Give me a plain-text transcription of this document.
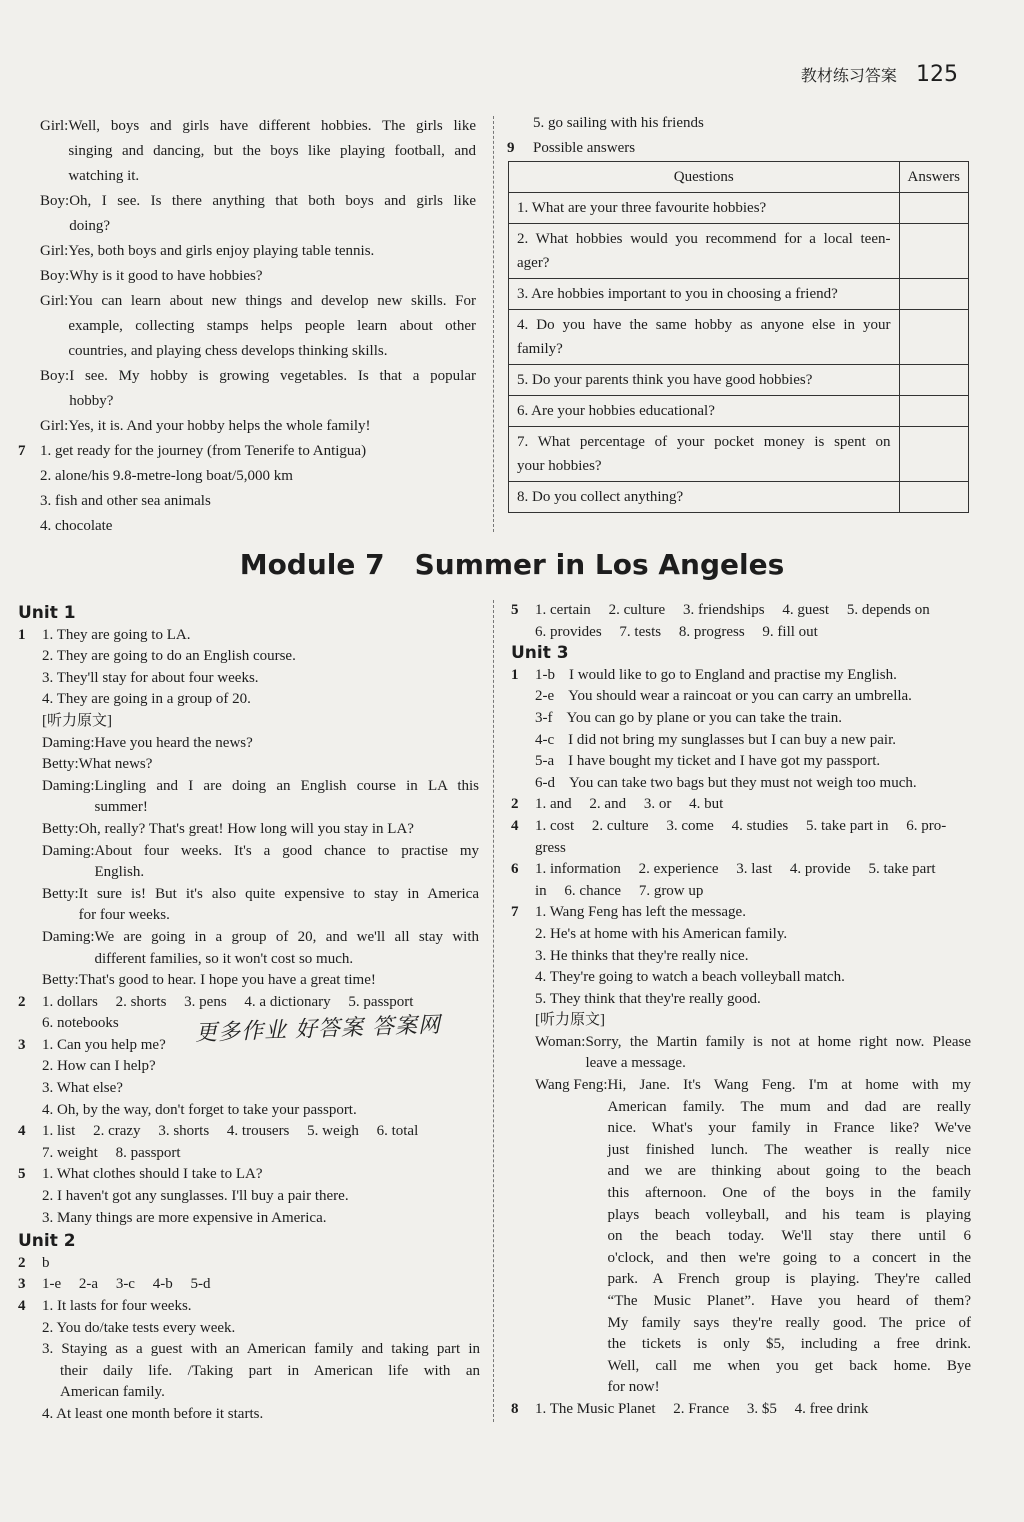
教材练习答案 125
Girl: Well, boys and girls have different hobbies. The girls like
singing and dancing, but the boys like playing football, and
watching it.
Boy: Oh, I see. Is there anything that both boys and girls like
doing?
Girl: Yes, both boys and girls enjoy playing table tennis.
Boy: Why is it good to have hobbies?
Girl: You can learn about new things and develop new skills. For
example, collecting stamps helps people learn about other
countries, and playing chess develops thinking skills.
Boy: I see. My hobby is growing vegetables. Is that a popular
hobby?
Girl: Yes, it is. And your hobby helps the whole family!
7 1. get ready for the journey (from Tenerife to Antigua)
2. alone/his 9.8-metre-long boat/5,000 km
3. fish and other sea animals
4. chocolate
5. go sailing with his friends
9 Possible answers
Questions	Answers
1. What are your three favourite hobbies?	

2. What hobbies would you recommend for a local teen-
ager?	

3. Are hobbies important to you in choosing a friend?	

4. Do you have the same hobby as anyone else in your
family?	

5. Do your parents think you have good hobbies?	
6. Are your hobbies educational?	

7. What percentage of your pocket money is spent on
your hobbies?	

8. Do you collect anything?	
Module 7 Summer in Los Angeles
Unit 1
1 1. They are going to LA.
2. They are going to do an English course.
3. They'll stay for about four weeks.
4. They are going in a group of 20.
[听力原文]
Daming: Have you heard the news?
Betty: What news?
Daming: Lingling and I are doing an English course in LA this
summer!
Betty: Oh, really? That's great! How long will you stay in LA?
Daming: About four weeks. It's a good chance to practise my
English.
Betty: It sure is! But it's also quite expensive to stay in America
for four weeks.
Daming: We are going in a group of 20, and we'll all stay with
different families, so it won't cost so much.
Betty: That's good to hear. I hope you have a great time!
2 1. dollars 2. shorts 3. pens 4. a dictionary 5. passport
6. notebooks
3 1. Can you help me?
2. How can I help?
3. What else?
4. Oh, by the way, don't forget to take your passport.
4 1. list 2. crazy 3. shorts 4. trousers 5. weigh 6. total
7. weight 8. passport
5 1. What clothes should I take to LA?
2. I haven't got any sunglasses. I'll buy a pair there.
3. Many things are more expensive in America.
Unit 2
2 b
3 1-e 2-a 3-c 4-b 5-d
4 1. It lasts for four weeks.
2. You do/take tests every week.
3. Staying as a guest with an American family and taking part in
their daily life. /Taking part in American life with an
American family.
4. At least one month before it starts.
更多作业 好答案 答案网
5 1. certain 2. culture 3. friendships 4. guest 5. depends on
6. provides 7. tests 8. progress 9. fill out
Unit 3
1 1-b I would like to go to England and practise my English.
2-e You should wear a raincoat or you can carry an umbrella.
3-f You can go by plane or you can take the train.
4-c I did not bring my sunglasses but I can buy a new pair.
5-a I have bought my ticket and I have got my passport.
6-d You can take two bags but they must not weigh too much.
2 1. and 2. and 3. or 4. but
4 1. cost 2. culture 3. come 4. studies 5. take part in 6. pro-
gress
6 1. information 2. experience 3. last 4. provide 5. take part
in 6. chance 7. grow up
7 1. Wang Feng has left the message.
2. He's at home with his American family.
3. He thinks that they're really nice.
4. They're going to watch a beach volleyball match.
5. They think that they're really good.
[听力原文]
Woman: Sorry, the Martin family is not at home right now. Please
leave a message.
Wang Feng: Hi, Jane. It's Wang Feng. I'm at home with my
American family. The mum and dad are really
nice. What's your family in France like? We've
just finished lunch. The weather is really nice
and we are thinking about going to the beach
this afternoon. One of the boys in the family
plays beach volleyball, and his team is playing
on the beach today. We'll stay there until 6
o'clock, and then we're going to a concert in the
park. A French group is playing. They're called
“The Music Planet”. Have you heard of them?
My family says they're really good. The price of
the tickets is only $5, including a free drink.
Well, call me when you get back home. Bye
for now!
8 1. The Music Planet 2. France 3. $5 4. free drink
